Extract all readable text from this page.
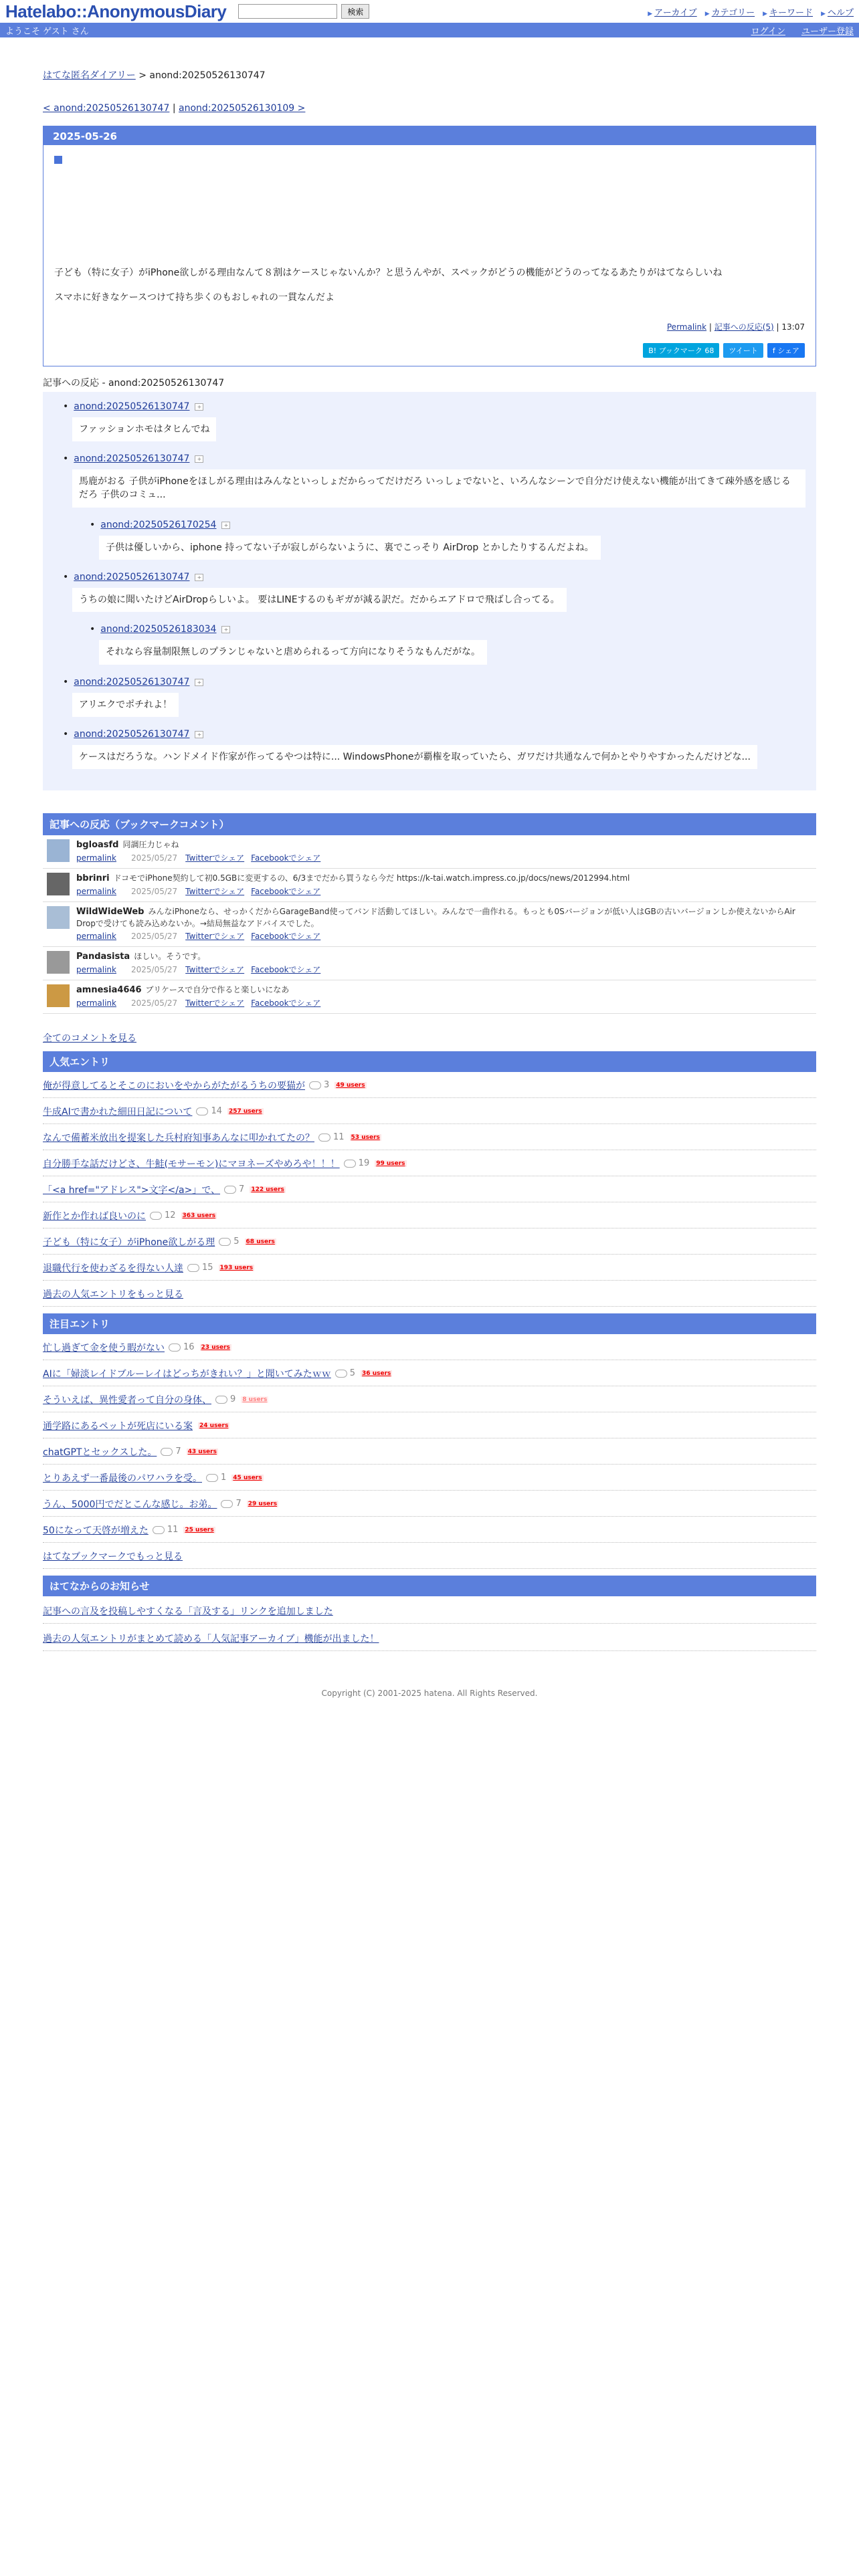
Hatelabo::AnonymousDiary	検索	▶ アーカイブ	▶ カテゴリー	▶ キーワード	▶ ヘルプ
ようこそ ゲスト さん	ログイン ユーザー登録
はてな匿名ダイアリー > anond:20250526130747
< anond:20250526130747 | anond:20250526130109 >
2025-05-26

子ども（特に女子）がiPhone欲しがる理由なんて８割はケースじゃないんか？と思うんやが、スペックがどうの機能がどうのってなるあたりがはてならしいね

スマホに好きなケースつけて持ち歩くのもおしゃれの一貫なんだよ

Permalink | 記事への反応(5) | 13:07
B! ブックマーク 68	ツイート	f シェア
記事への反応 - anond:20250526130747
• anond:20250526130747 +
ファッションホモはタヒんでね
• anond:20250526130747 +
馬鹿がおる 子供がiPhoneをほしがる理由はみんなといっしょだからってだけだろ いっしょでないと、いろんなシーンで自分だけ使えない機能が出てきて疎外感を感じるだろ 子供のコミュ...
• anond:20250526170254 +
子供は優しいから、iphone 持ってない子が寂しがらないように、裏でこっそり AirDrop とかしたりするんだよね。
• anond:20250526130747 +
うちの娘に聞いたけどAirDropらしいよ。 要はLINEするのもギガが減る訳だ。だからエアドロで飛ばし合ってる。
• anond:20250526183034 +
それなら容量制限無しのプランじゃないと虐められるって方向になりそうなもんだがな。
• anond:20250526130747 +
アリエクでポチれよ！
• anond:20250526130747 +
ケースはだろうな。ハンドメイド作家が作ってるやつは特に... WindowsPhoneが覇権を取っていたら、ガワだけ共通なんで何かとやりやすかったんだけどな...
記事への反応（ブックマークコメント）
bgloasfd 同調圧力じゃね
permalink 2025/05/27 Twitterでシェア Facebookでシェア
bbrinri ドコモでiPhone契約して初0.5GBに変更するの、6/3までだから買うなら今だ https://k-tai.watch.impress.co.jp/docs/news/2012994.html
permalink 2025/05/27 Twitterでシェア Facebookでシェア
WildWideWeb みんなiPhoneなら、せっかくだからGarageBand使ってバンド活動してほしい。みんなで一曲作れる。もっとも0Sバージョンが低い人はGBの古いバージョンしか使えないからAir Dropで受けても読み込めないか。→結局無益なアドバイスでした。
permalink 2025/05/27 Twitterでシェア Facebookでシェア
Pandasista ほしい。そうです。
permalink 2025/05/27 Twitterでシェア Facebookでシェア
amnesia4646 ブリケースで自分で作ると楽しいになあ
permalink 2025/05/27 Twitterでシェア Facebookでシェア
全てのコメントを見る
人気エントリ
俺が得意してるとそこのにおいをやからがたがるうちの要猫が 3 49 users
牛成AIで書かれた細田日記について 14 257 users
なんで備蓄米放出を提案した兵村府知事あんなに叩かれてたの？ 11 53 users
自分勝手な話だけどさ、牛鮭(モサーモン)にマヨネーズやめろや！！！ 19 99 users
「<a href="アドレス">文字</a>」で、 7 122 users
新作とか作れば良いのに 12 363 users
子ども（特に女子）がiPhone欲しがる理 5 68 users
退職代行を使わざるを得ない人達 15 193 users
過去の人気エントリをもっと見る
注目エントリ
忙し過ぎて金を使う暇がない 16 23 users
AIに「婦淡レイドブルーレイはどっちがきれい？」と聞いてみたｗｗ 5 36 users
そういえば、異性愛者って自分の身体、 9 8 users
通学路にあるペットが死店にいる案 24 users
chatGPTとセックスした。 7 43 users
とりあえず一番最後のパワハラを受。 1 45 users
うん、5000円でだとこんな感じ。お弟。 7 29 users
50になって天啓が増えた 11 25 users
はてなブックマークでもっと見る
はてなからのお知らせ
記事への言及を投稿しやすくなる「言及する」リンクを追加しました
過去の人気エントリがまとめて読める「人気記事アーカイブ」機能が出ました！
Copyright (C) 2001-2025 hatena. All Rights Reserved.
